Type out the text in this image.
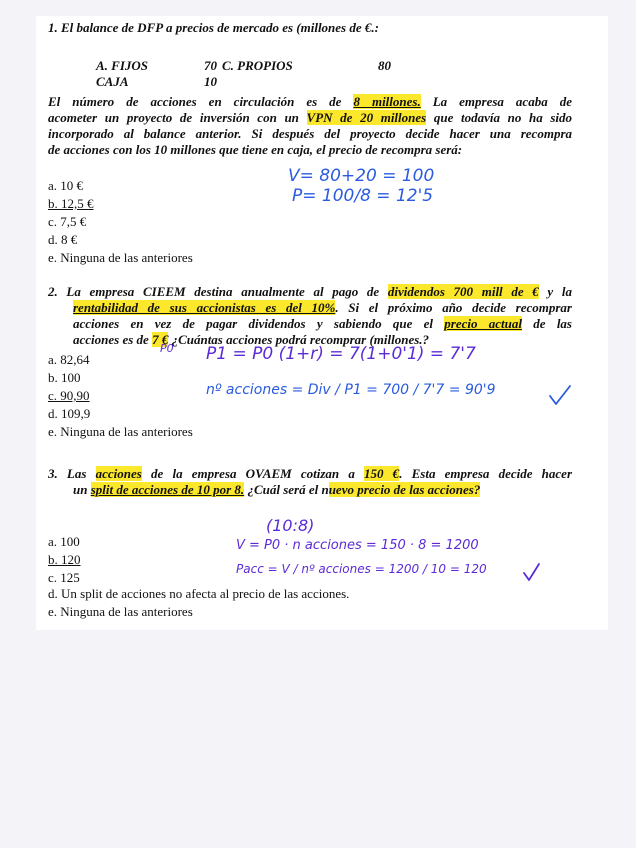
1. El balance de DFP a precios de mercado es (millones de €.:
A. FIJOS	70 C. PROPIOS	80
CAJA	10
El número de acciones en circulación es de 8 millones. La empresa acaba de
acometer un proyecto de inversión con un VPN de 20 millones que todavía no ha sido
incorporado al balance anterior. Si después del proyecto decide hacer una recompra
de acciones con los 10 millones que tiene en caja, el precio de recompra será:
a. 10 €
b. 12,5 €
c. 7,5 €
d. 8 €
e. Ninguna de las anteriores
V= 80+20 = 100
P= 100/8 = 12'5
2. La empresa CIEEM destina anualmente al pago de dividendos 700 mill de € y la
rentabilidad de sus accionistas es del 10%. Si el próximo año decide recomprar
acciones en vez de pagar dividendos y sabiendo que el precio actual de las
acciones es de 7 € ¿Cuántas acciones podrá recomprar (millones.?
a. 82,64
b. 100
c. 90,90
d. 109,9
e. Ninguna de las anteriores
P0 P1 = P0 (1+r) = 7(1+0'1) = 7'7
nº acciones = Div / P1 = 700 / 7'7 = 90'9
3. Las acciones de la empresa OVAEM cotizan a 150 €. Esta empresa decide hacer
un split de acciones de 10 por 8. ¿Cuál será el nuevo precio de las acciones?
a. 100
b. 120
c. 125
d. Un split de acciones no afecta al precio de las acciones.
e. Ninguna de las anteriores
(10:8)
V = P0 · n acciones = 150 · 8 = 1200
Pacc = V / nº acciones = 1200 / 10 = 120
